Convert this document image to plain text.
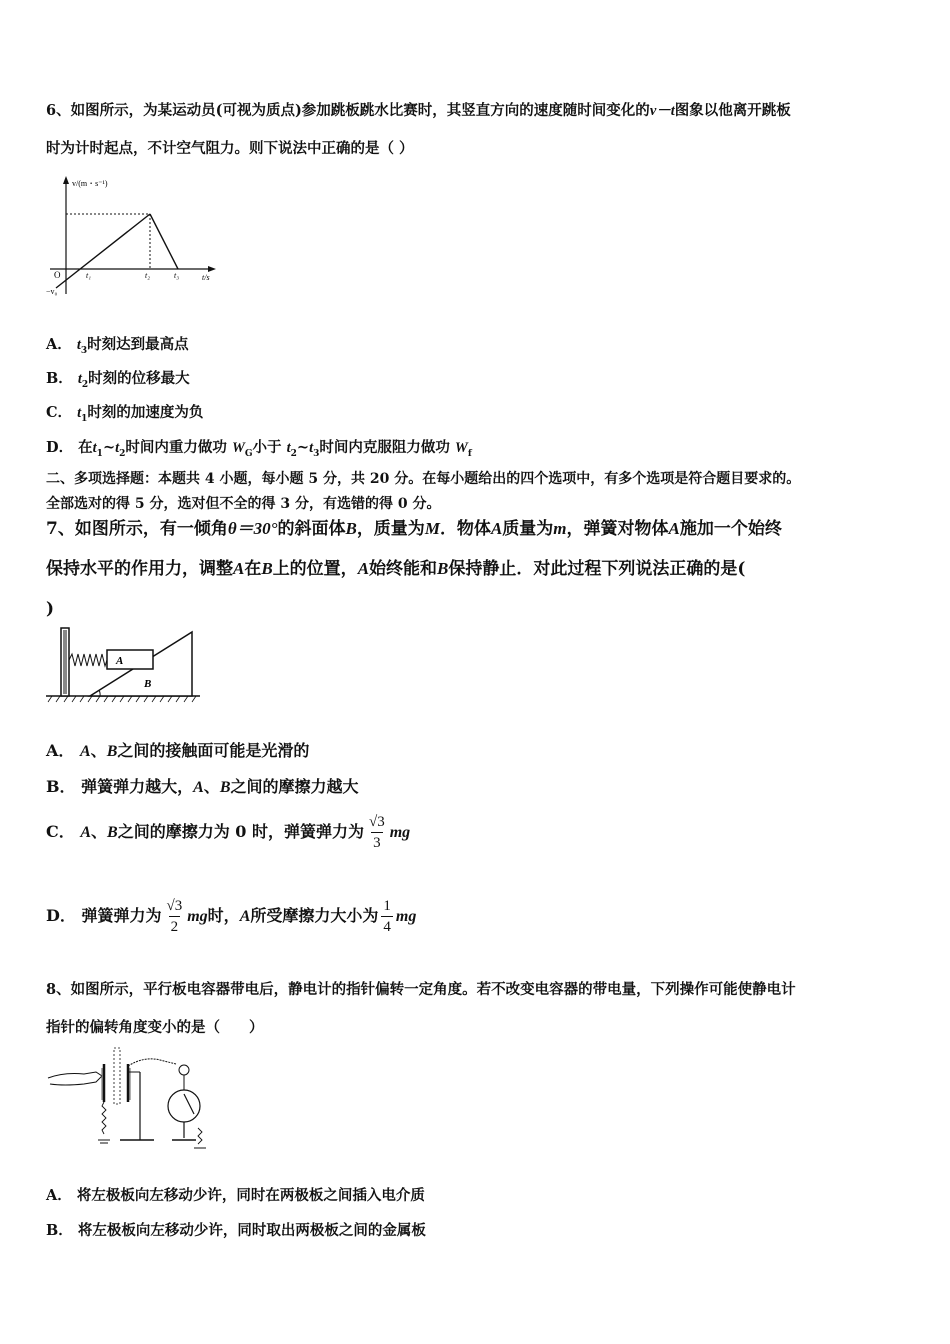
6、如图所示，为某运动员(可视为质点)参加跳板跳水比赛时，其竖直方向的速度随时间变化的v－t图象以他离开跳板
时为计时起点，不计空气阻力。则下说法中正确的是（ ）
v/(m・s⁻¹)
t/s
O	t₁	t₂	t₃
−v₀
A． $t_3$时刻达到最高点
B． $t_2$时刻的位移最大
C． $t_1$时刻的加速度为负
D． 在$t_1\sim t_2$时间内重力做功 $W_G$小于 $t_2\sim t_3$时间内克服阻力做功 $W_f$
二、多项选择题：本题共 4 小题，每小题 5 分，共 20 分。在每小题给出的四个选项中，有多个选项是符合题目要求的。
全部选对的得 5 分，选对但不全的得 3 分，有选错的得 0 分。
7、如图所示，有一倾角θ＝30°的斜面体B，质量为M．物体A质量为m，弹簧对物体A施加一个始终
保持水平的作用力，调整A在B上的位置，A始终能和B保持静止．对此过程下列说法正确的是(
)
A
B
A． A、B之间的接触面可能是光滑的
B． 弹簧弹力越大，A、B之间的摩擦力越大
C． A、B之间的摩擦力为 0 时，弹簧弹力为 $\frac{√3}{3}$ mg
D． 弹簧弹力为 $\frac{√3}{2}$ mg时，A所受摩擦力大小为 $\frac{1}{4}$ mg
8、如图所示，平行板电容器带电后，静电计的指针偏转一定角度。若不改变电容器的带电量，下列操作可能使静电计
指针的偏转角度变小的是（　　）
A． 将左极板向左移动少许，同时在两极板之间插入电介质
B． 将左极板向左移动少许，同时取出两极板之间的金属板
